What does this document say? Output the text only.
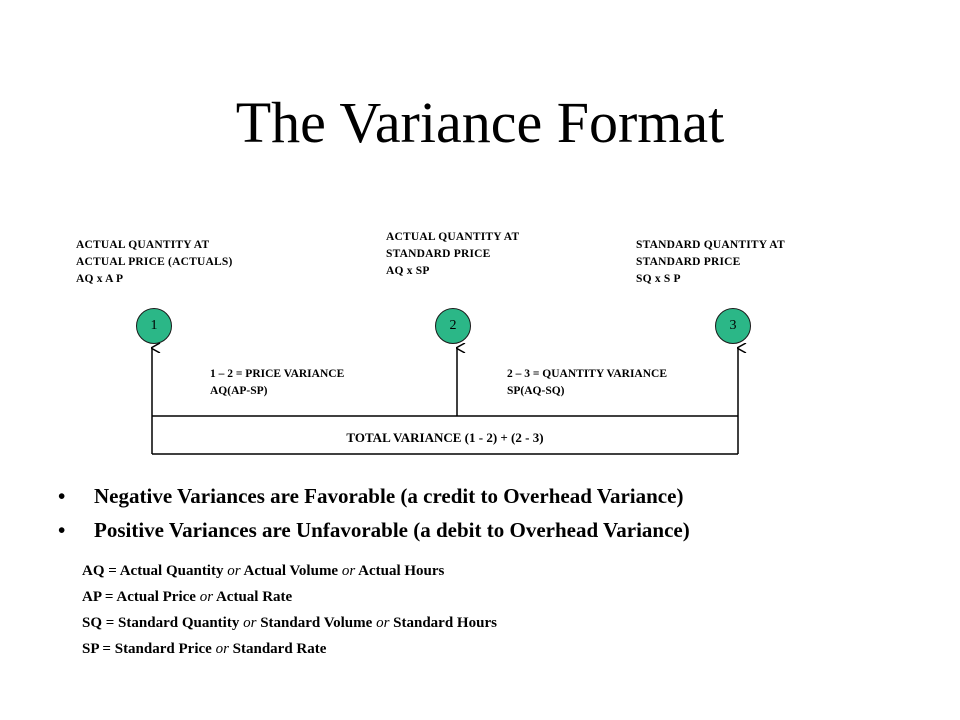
The Variance Format
ACTUAL QUANTITY AT
ACTUAL PRICE (ACTUALS)
AQ x A P
ACTUAL QUANTITY AT
STANDARD PRICE
AQ x SP
STANDARD QUANTITY AT
STANDARD PRICE
SQ x S P
1	2	3
1 – 2 = PRICE VARIANCE
AQ(AP-SP)
2 – 3 = QUANTITY VARIANCE
SP(AQ-SQ)
TOTAL VARIANCE (1 - 2) + (2 - 3)
• Negative Variances are Favorable (a credit to Overhead Variance)
• Positive Variances are Unfavorable (a debit to Overhead Variance)
AQ = Actual Quantity or Actual Volume or Actual Hours
AP = Actual Price or Actual Rate
SQ = Standard Quantity or Standard Volume or Standard Hours
SP = Standard Price or Standard Rate
